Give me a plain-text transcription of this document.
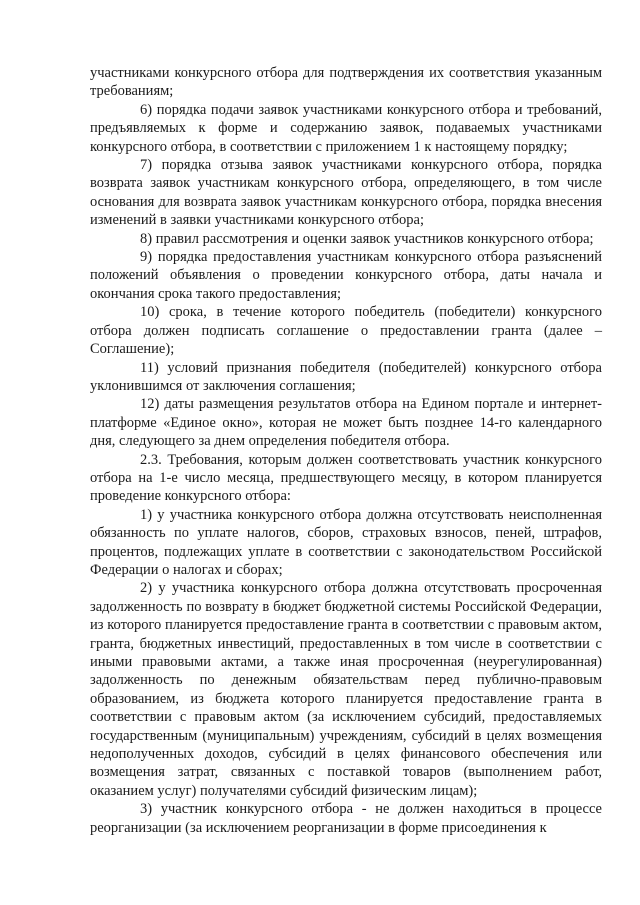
участниками конкурсного отбора для подтверждения их соответствия указанным требованиям;

6) порядка подачи заявок участниками конкурсного отбора и требований, предъявляемых к форме и содержанию заявок, подаваемых участниками конкурсного отбора, в соответствии с приложением 1 к настоящему порядку;

7) порядка отзыва заявок участниками конкурсного отбора, порядка возврата заявок участникам конкурсного отбора, определяющего, в том числе основания для возврата заявок участникам конкурсного отбора, порядка внесения изменений в заявки участниками конкурсного отбора;

8) правил рассмотрения и оценки заявок участников конкурсного отбора;

9) порядка предоставления участникам конкурсного отбора разъяснений положений объявления о проведении конкурсного отбора, даты начала и окончания срока такого предоставления;

10) срока, в течение которого победитель (победители) конкурсного отбора должен подписать соглашение о предоставлении гранта (далее – Соглашение);

11) условий признания победителя (победителей) конкурсного отбора уклонившимся от заключения соглашения;

12) даты размещения результатов отбора на Едином портале и интернет-платформе «Единое окно», которая не может быть позднее 14-го календарного дня, следующего за днем определения победителя отбора.

2.3. Требования, которым должен соответствовать участник конкурсного отбора на 1-е число месяца, предшествующего месяцу, в котором планируется проведение конкурсного отбора:

1) у участника конкурсного отбора должна отсутствовать неисполненная обязанность по уплате налогов, сборов, страховых взносов, пеней, штрафов, процентов, подлежащих уплате в соответствии с законодательством Российской Федерации о налогах и сборах;

2) у участника конкурсного отбора должна отсутствовать просроченная задолженность по возврату в бюджет бюджетной системы Российской Федерации, из которого планируется предоставление гранта в соответствии с правовым актом, гранта, бюджетных инвестиций, предоставленных в том числе в соответствии с иными правовыми актами, а также иная просроченная (неурегулированная) задолженность по денежным обязательствам перед публично-правовым образованием, из бюджета которого планируется предоставление гранта в соответствии с правовым актом (за исключением субсидий, предоставляемых государственным (муниципальным) учреждениям, субсидий в целях возмещения недополученных доходов, субсидий в целях финансового обеспечения или возмещения затрат, связанных с поставкой товаров (выполнением работ, оказанием услуг) получателями субсидий физическим лицам);

3) участник конкурсного отбора - не должен находиться в процессе реорганизации (за исключением реорганизации в форме присоединения к
